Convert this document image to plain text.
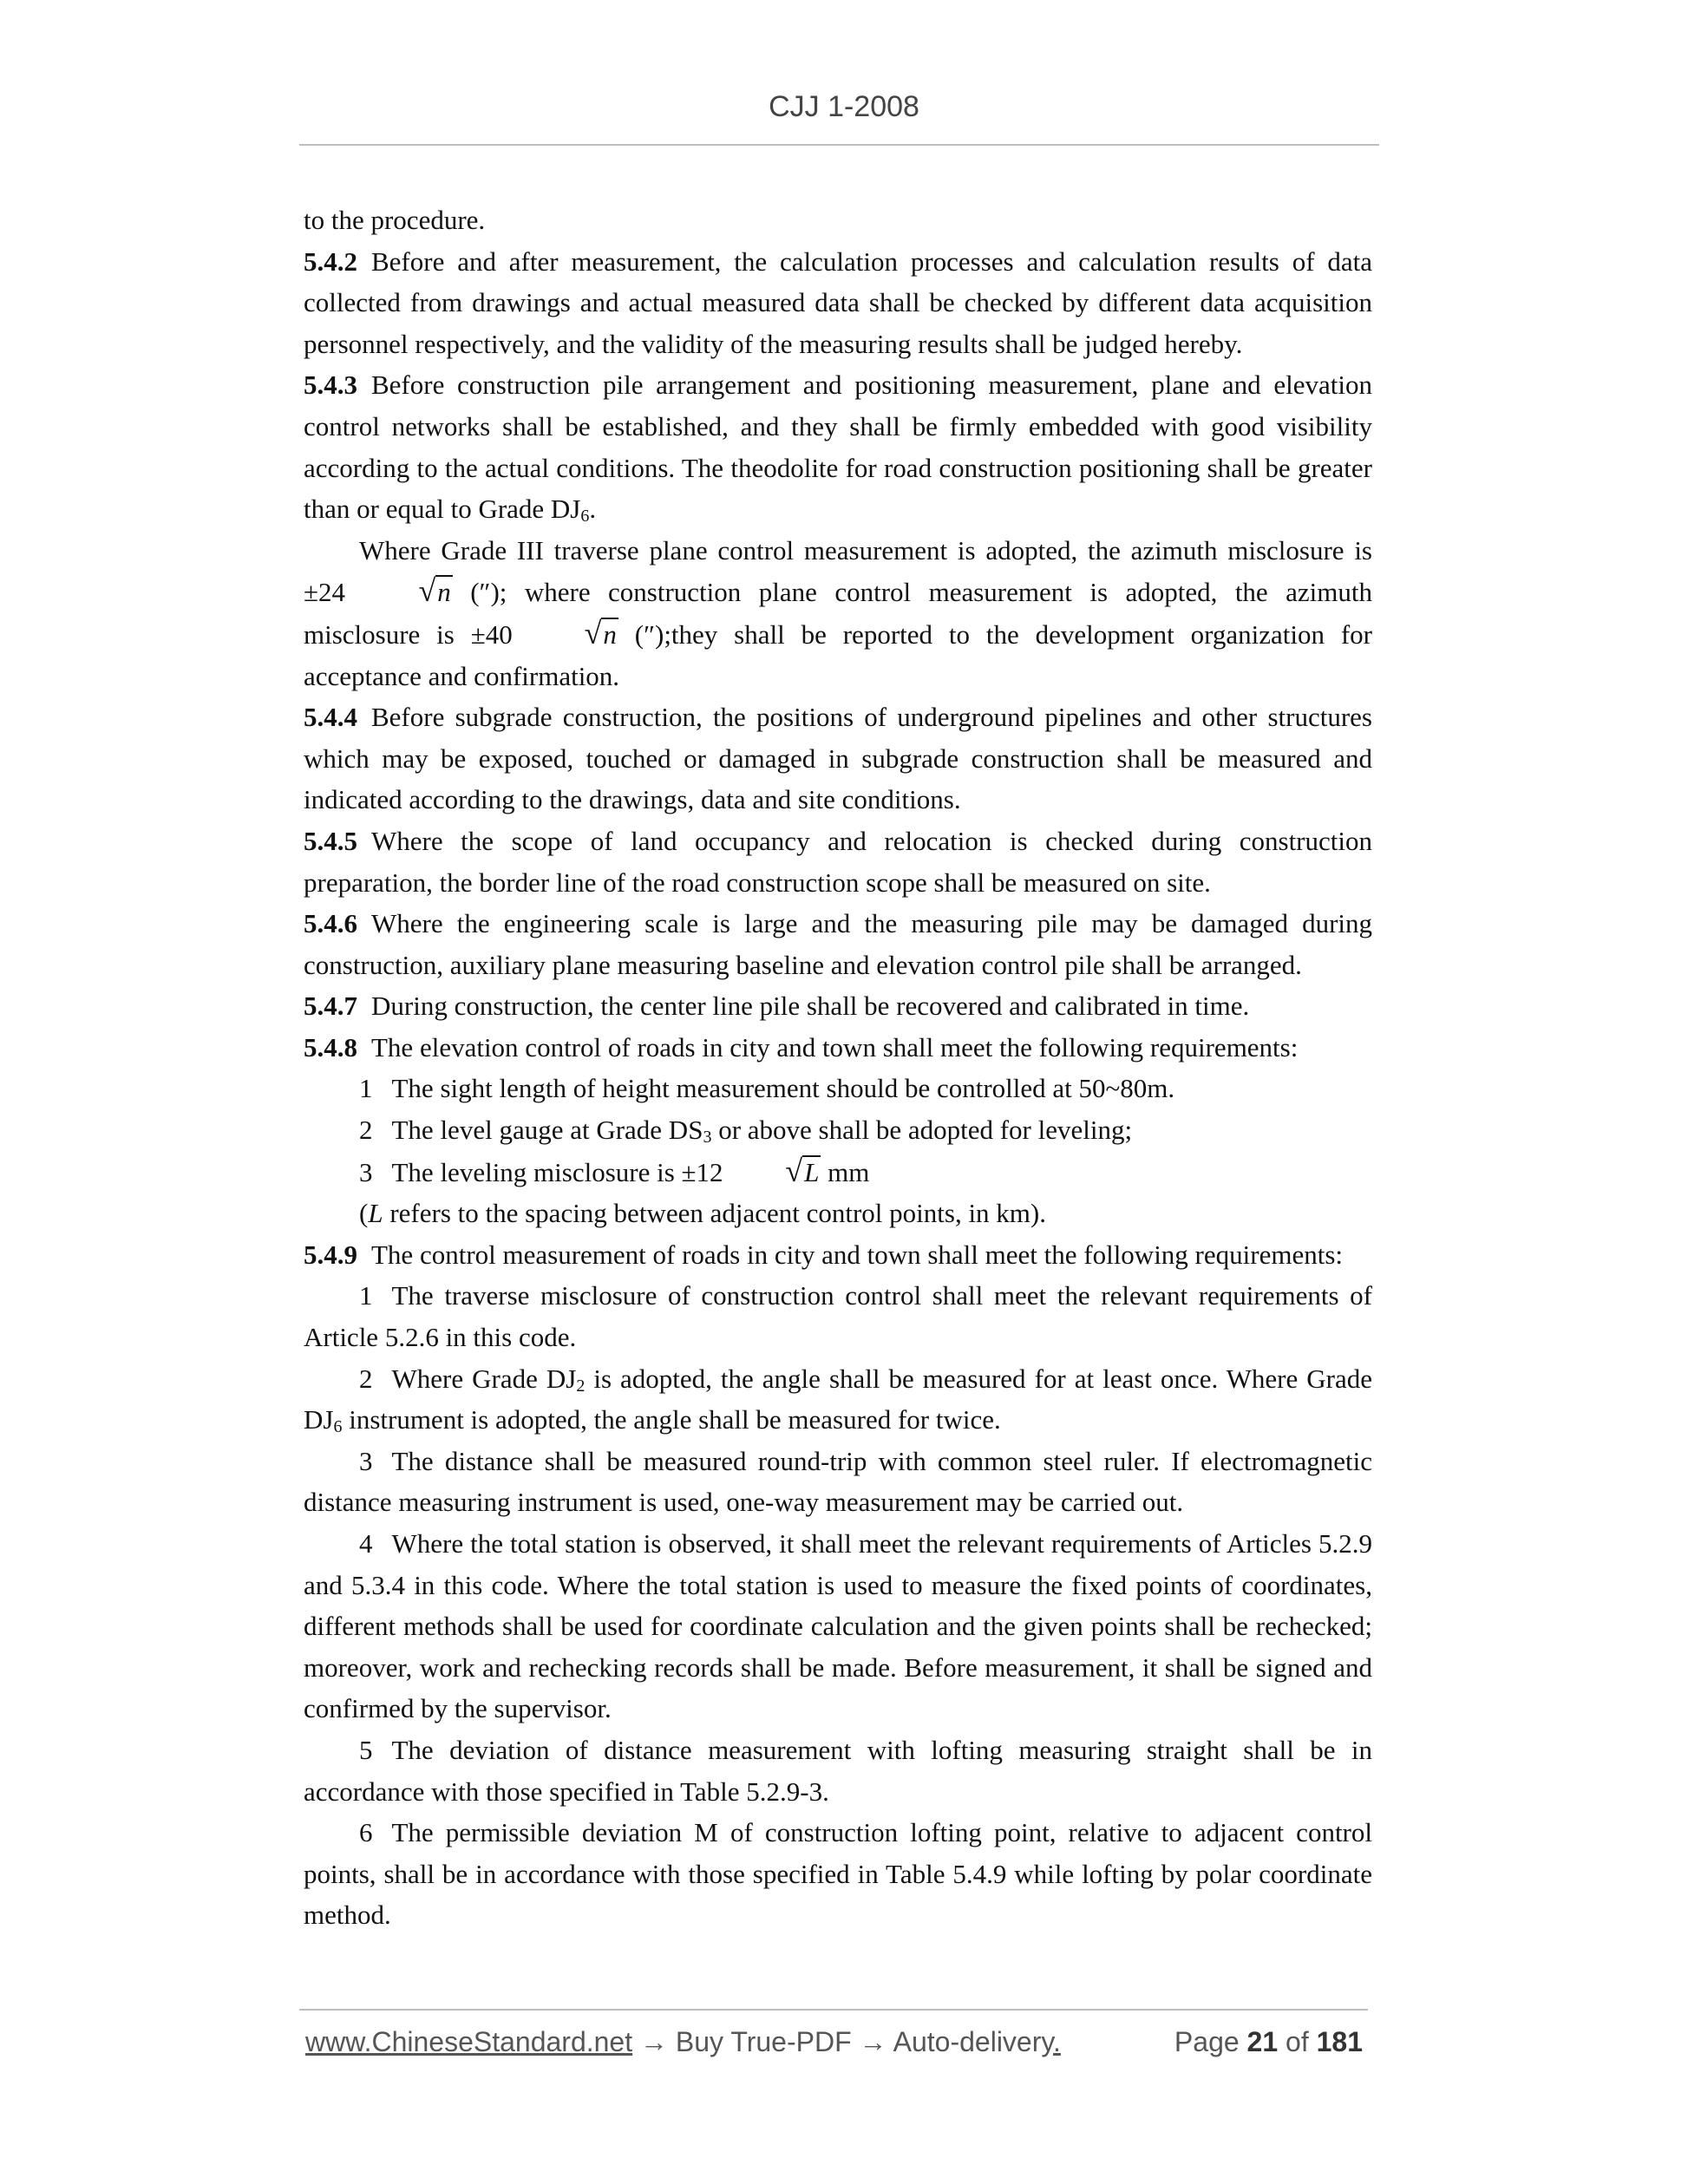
CJJ 1-2008

to the procedure.

5.4.2 Before and after measurement, the calculation processes and calculation results of data collected from drawings and actual measured data shall be checked by different data acquisition personnel respectively, and the validity of the measuring results shall be judged hereby.

5.4.3 Before construction pile arrangement and positioning measurement, plane and elevation control networks shall be established, and they shall be firmly embedded with good visibility according to the actual conditions. The theodolite for road construction positioning shall be greater than or equal to Grade $DJ_6$.

Where Grade III traverse plane control measurement is adopted, the azimuth misclosure is ±24 √n (″); where construction plane control measurement is adopted, the azimuth misclosure is ±40 √n (″);they shall be reported to the development organization for acceptance and confirmation.

5.4.4 Before subgrade construction, the positions of underground pipelines and other structures which may be exposed, touched or damaged in subgrade construction shall be measured and indicated according to the drawings, data and site conditions.

5.4.5 Where the scope of land occupancy and relocation is checked during construction preparation, the border line of the road construction scope shall be measured on site.

5.4.6 Where the engineering scale is large and the measuring pile may be damaged during construction, auxiliary plane measuring baseline and elevation control pile shall be arranged.

5.4.7 During construction, the center line pile shall be recovered and calibrated in time.

5.4.8 The elevation control of roads in city and town shall meet the following requirements:

1 The sight length of height measurement should be controlled at 50~80m.

2 The level gauge at Grade $DS_3$ or above shall be adopted for leveling;

3 The leveling misclosure is ±12 √L mm

(L refers to the spacing between adjacent control points, in km).

5.4.9 The control measurement of roads in city and town shall meet the following requirements:

1 The traverse misclosure of construction control shall meet the relevant requirements of Article 5.2.6 in this code.

2 Where Grade $DJ_2$ is adopted, the angle shall be measured for at least once. Where Grade $DJ_6$ instrument is adopted, the angle shall be measured for twice.

3 The distance shall be measured round-trip with common steel ruler. If electromagnetic distance measuring instrument is used, one-way measurement may be carried out.

4 Where the total station is observed, it shall meet the relevant requirements of Articles 5.2.9 and 5.3.4 in this code. Where the total station is used to measure the fixed points of coordinates, different methods shall be used for coordinate calculation and the given points shall be rechecked; moreover, work and rechecking records shall be made. Before measurement, it shall be signed and confirmed by the supervisor.

5 The deviation of distance measurement with lofting measuring straight shall be in accordance with those specified in Table 5.2.9-3.

6 The permissible deviation M of construction lofting point, relative to adjacent control points, shall be in accordance with those specified in Table 5.4.9 while lofting by polar coordinate method.

www.ChineseStandard.net → Buy True-PDF → Auto-delivery.	Page 21 of 181
